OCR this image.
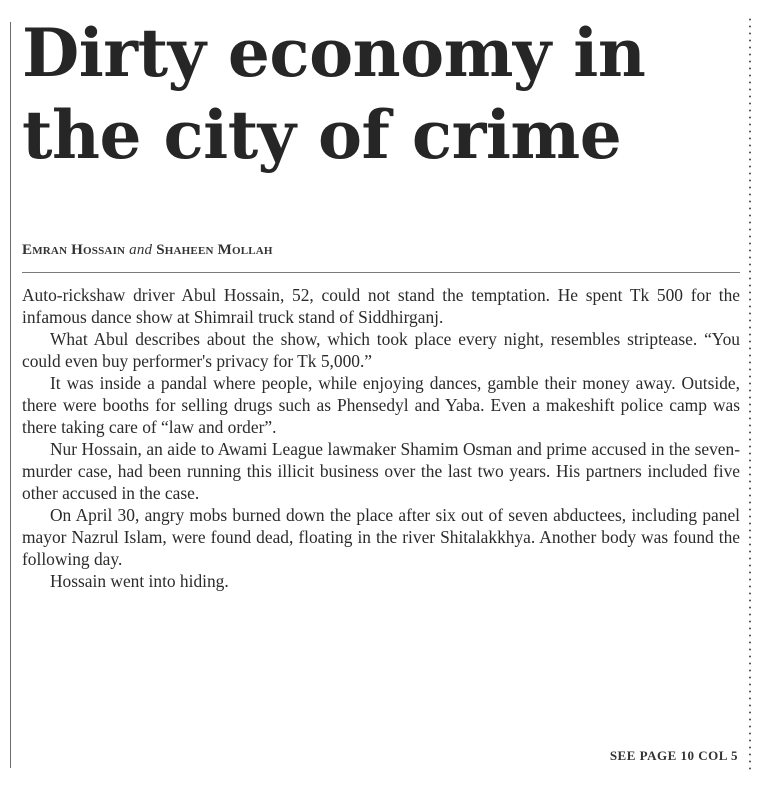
Dirty economy in
the city of crime
Emran Hossain and Shaheen Mollah

Auto-rickshaw driver Abul Hossain, 52, could not stand the temptation. He spent Tk 500 for the infamous dance show at Shimrail truck stand of Siddhirganj.

What Abul describes about the show, which took place every night, resembles striptease. “You could even buy performer's privacy for Tk 5,000.”

It was inside a pandal where people, while enjoying dances, gamble their money away. Outside, there were booths for selling drugs such as Phensedyl and Yaba. Even a makeshift police camp was there taking care of “law and order”.

Nur Hossain, an aide to Awami League lawmaker Shamim Osman and prime accused in the seven-murder case, had been running this illicit business over the last two years. His partners included five other accused in the case.

On April 30, angry mobs burned down the place after six out of seven abductees, including panel mayor Nazrul Islam, were found dead, floating in the river Shitalakkhya. Another body was found the following day.

Hossain went into hiding.

SEE PAGE 10 COL 5
